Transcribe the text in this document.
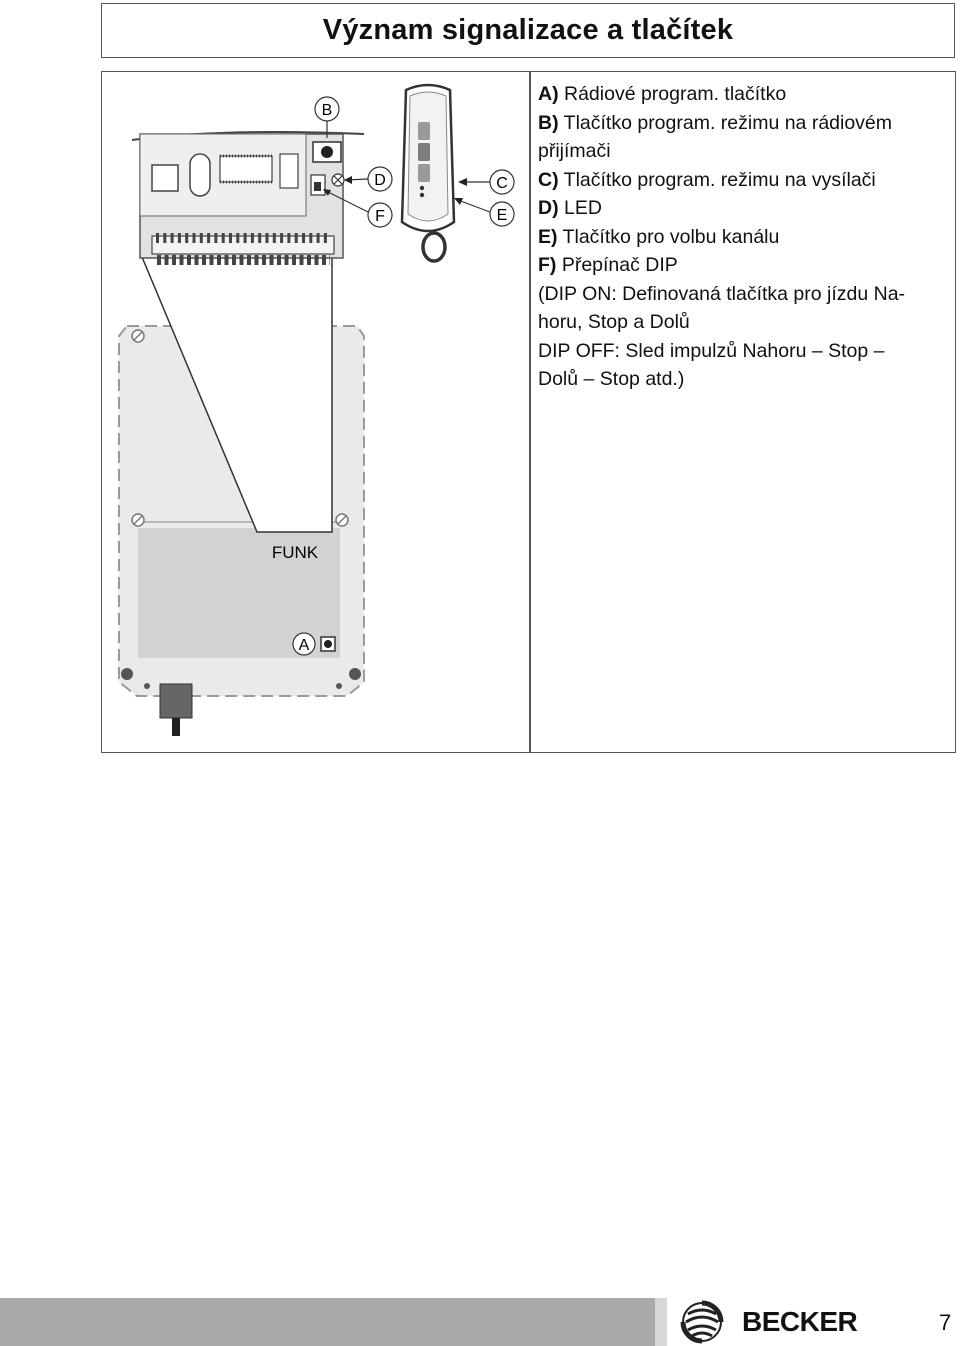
Význam signalizace a tlačítek
B
D
F
C
E
A
FUNK
A) Rádiové program. tlačítko
B) Tlačítko program. režimu na rádiovém
přijímači
C) Tlačítko program. režimu na vysílači
D) LED
E) Tlačítko pro volbu kanálu
F) Přepínač DIP
(DIP ON: Definovaná tlačítka pro jízdu Na-
horu, Stop a Dolů
DIP OFF: Sled impulzů Nahoru – Stop –
Dolů – Stop atd.)
BECKER	7
